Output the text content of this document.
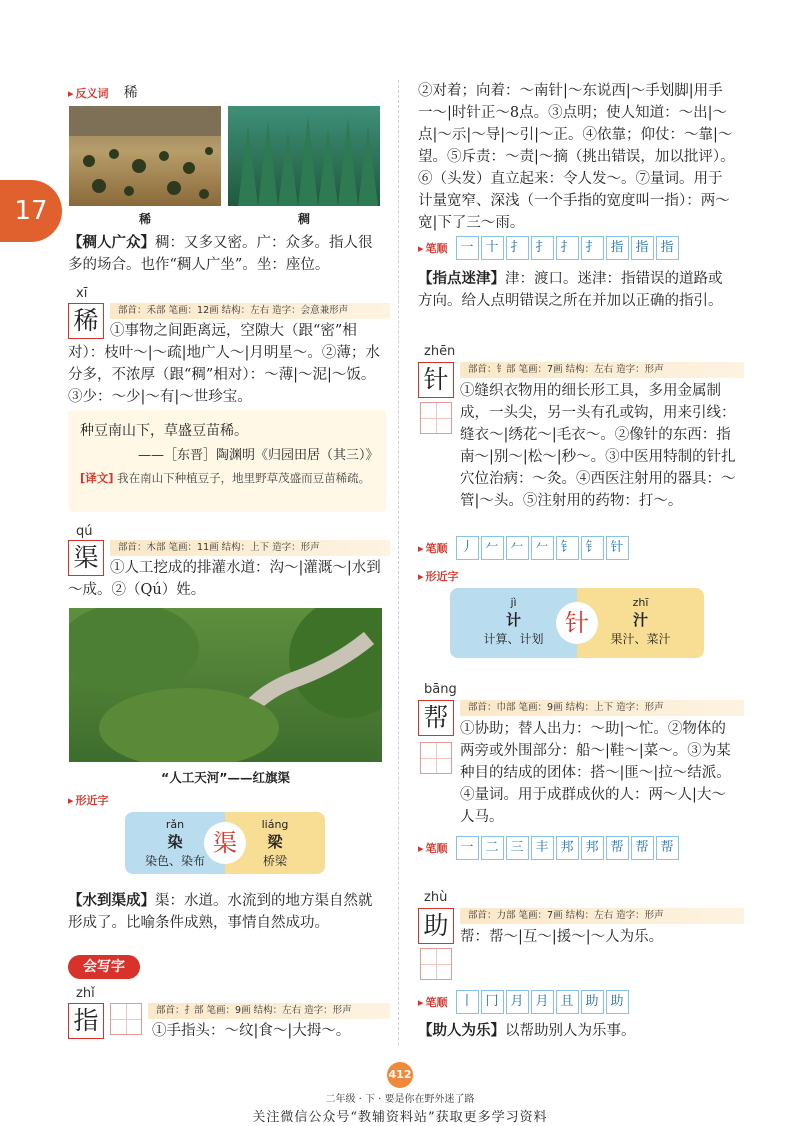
17
▸ 反义词 稀
稀	稠
【稠人广众】稠：又多又密。广：众多。指人很多的场合。也作“稠人广坐”。坐：座位。
xī
稀	部首：禾部 笔画：12画 结构：左右 造字：会意兼形声
①事物之间距离远，空隙大（跟“密”相对）：枝叶～|～疏|地广人～|月明星～。②薄；水分多，不浓厚（跟“稠”相对）：～薄|～泥|～饭。③少：～少|～有|～世珍宝。
种豆南山下，草盛豆苗稀。
——［东晋］陶渊明《归园田居（其三）》
[译文] 我在南山下种植豆子，地里野草茂盛而豆苗稀疏。
qú
渠	部首：木部 笔画：11画 结构：上下 造字：形声
①人工挖成的排灌水道：沟～|灌溉～|水到～成。②（Qú）姓。
“人工天河”——红旗渠
▸ 形近字
rǎn
染
染色、染布
liáng
梁
桥梁
渠
【水到渠成】渠：水道。水流到的地方渠自然就形成了。比喻条件成熟，事情自然成功。
会写字
zhǐ
指	部首：扌部 笔画：9画 结构：左右 造字：形声
①手指头：～纹|食～|大拇～。
②对着；向着：～南针|～东说西|～手划脚|用手一～|时针正～8点。③点明；使人知道：～出|～点|～示|～导|～引|～正。④依靠；仰仗：～靠|～望。⑤斥责：～责|～摘（挑出错误，加以批评）。⑥（头发）直立起来：令人发～。⑦量词。用于计量宽窄、深浅（一个手指的宽度叫一指）：两～宽|下了三～雨。
▸ 笔顺 一 十 扌 扌 扌 扌 指 指 指
【指点迷津】津：渡口。迷津：指错误的道路或方向。给人点明错误之所在并加以正确的指引。
zhēn
针	部首：钅部 笔画：7画 结构：左右 造字：形声
①缝织衣物用的细长形工具，多用金属制成，一头尖，另一头有孔或钩，用来引线：缝衣～|绣花～|毛衣～。②像针的东西：指南～|别～|松～|秒～。③中医用特制的针扎穴位治病：～灸。④西医注射用的器具：～管|～头。⑤注射用的药物：打～。
▸ 笔顺 丿 𠂉 𠂉 𠂉 钅 钅 针
▸ 形近字
jì
计
计算、计划
zhī
汁
果汁、菜汁
针
bāng
帮	部首：巾部 笔画：9画 结构：上下 造字：形声
①协助；替人出力：～助|～忙。②物体的两旁或外围部分：船～|鞋～|菜～。③为某种目的结成的团体：搭～|匪～|拉～结派。④量词。用于成群成伙的人：两～人|大～人马。
▸ 笔顺 一 二 三 丰 邦 邦 帮 帮 帮
zhù
助	部首：力部 笔画：7画 结构：左右 造字：形声
帮：帮～|互～|援～|～人为乐。
▸ 笔顺 丨 冂 月 月 且 助 助
【助人为乐】以帮助别人为乐事。
412
二年级 · 下 · 要是你在野外迷了路
关注微信公众号“教辅资料站”获取更多学习资料
